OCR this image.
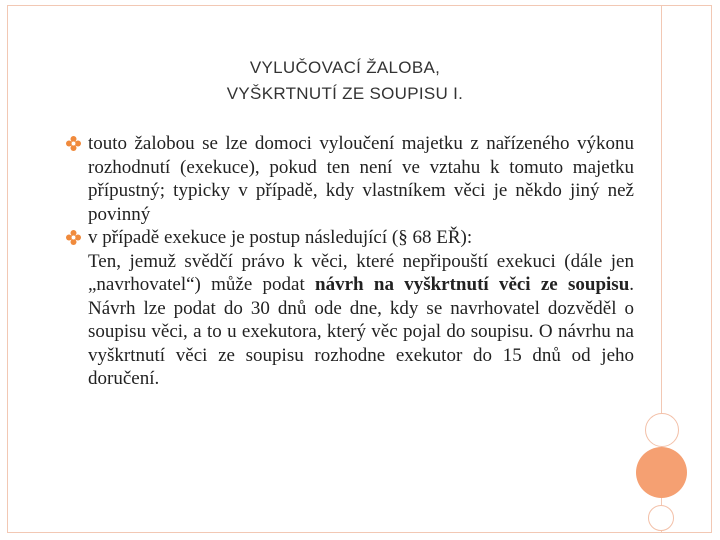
VYLUČOVACÍ ŽALOBA,
VYŠKRTNUTÍ ZE SOUPISU I.

touto žalobou se lze domoci vyloučení majetku z nařízeného výkonu rozhodnutí (exekuce), pokud ten není ve vztahu k tomuto majetku přípustný; typicky v případě, kdy vlastníkem věci je někdo jiný než povinný

v případě exekuce je postup následující (§ 68 EŘ):

Ten, jemuž svědčí právo k věci, které nepřipouští exekuci (dále jen „navrhovatel“) může podat návrh na vyškrtnutí věci ze soupisu. Návrh lze podat do 30 dnů ode dne, kdy se navrhovatel dozvěděl o soupisu věci, a to u exekutora, který věc pojal do soupisu. O návrhu na vyškrtnutí věci ze soupisu rozhodne exekutor do 15 dnů od jeho doručení.
